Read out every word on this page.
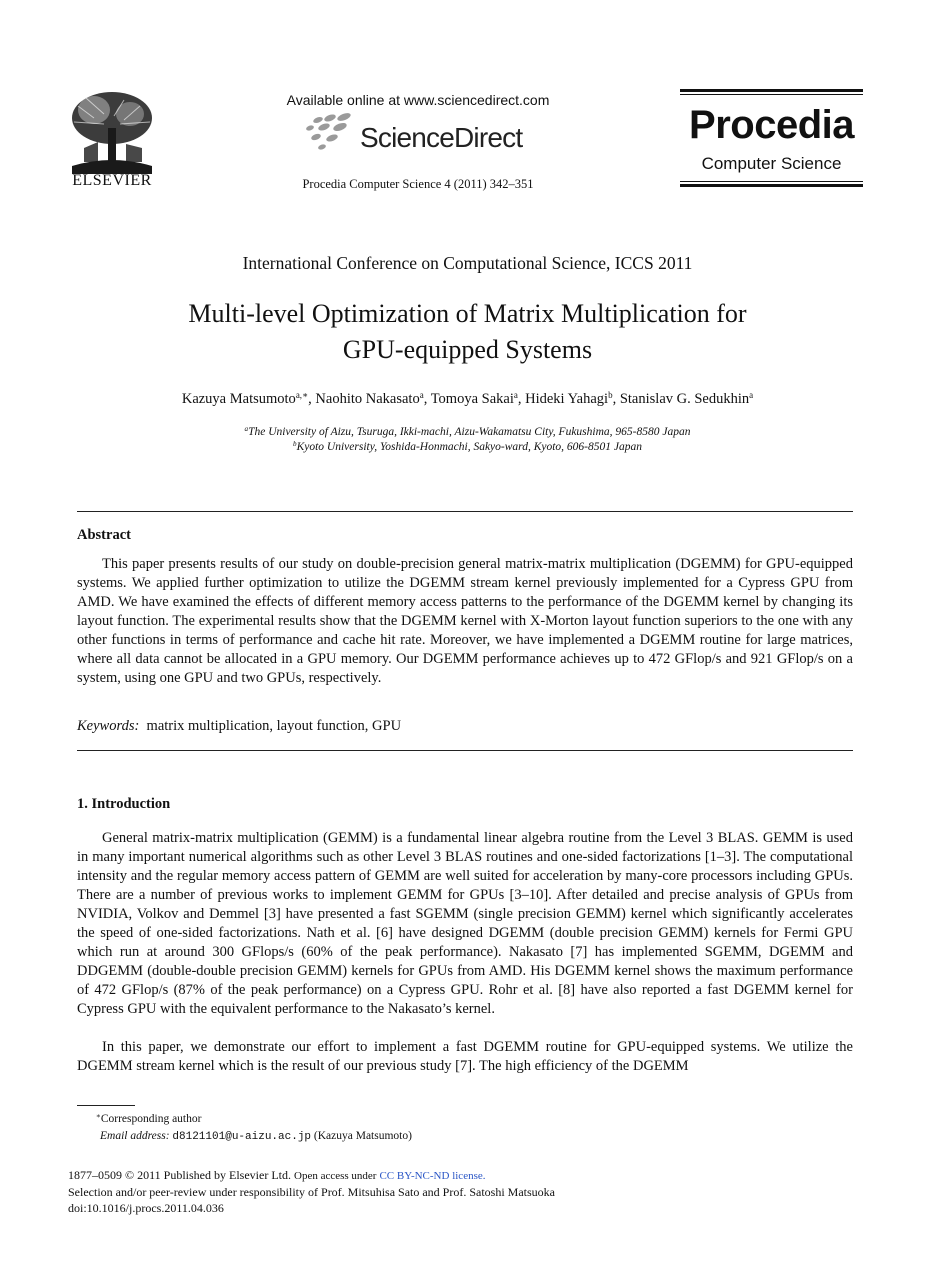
ELSEVIER
Available online at www.sciencedirect.com
ScienceDirect
Procedia Computer Science 4 (2011) 342–351
Procedia
Computer Science
International Conference on Computational Science, ICCS 2011
Multi-level Optimization of Matrix Multiplication for
GPU-equipped Systems
Kazuya Matsumoto$^{a,∗}$, Naohito Nakasato$^a$, Tomoya Sakai$^a$, Hideki Yahagi$^b$, Stanislav G. Sedukhin$^a$
$^a$The University of Aizu, Tsuruga, Ikki-machi, Aizu-Wakamatsu City, Fukushima, 965-8580 Japan
$^b$Kyoto University, Yoshida-Honmachi, Sakyo-ward, Kyoto, 606-8501 Japan
Abstract
This paper presents results of our study on double-precision general matrix-matrix multiplication (DGEMM) for GPU-equipped systems. We applied further optimization to utilize the DGEMM stream kernel previously implemented for a Cypress GPU from AMD. We have examined the effects of different memory access patterns to the performance of the DGEMM kernel by changing its layout function. The experimental results show that the DGEMM kernel with X-Morton layout function superiors to the one with any other functions in terms of performance and cache hit rate. Moreover, we have implemented a DGEMM routine for large matrices, where all data cannot be allocated in a GPU memory. Our DGEMM performance achieves up to 472 GFlop/s and 921 GFlop/s on a system, using one GPU and two GPUs, respectively.
Keywords: matrix multiplication, layout function, GPU
1. Introduction
General matrix-matrix multiplication (GEMM) is a fundamental linear algebra routine from the Level 3 BLAS. GEMM is used in many important numerical algorithms such as other Level 3 BLAS routines and one-sided factorizations [1–3]. The computational intensity and the regular memory access pattern of GEMM are well suited for acceleration by many-core processors including GPUs. There are a number of previous works to implement GEMM for GPUs [3–10]. After detailed and precise analysis of GPUs from NVIDIA, Volkov and Demmel [3] have presented a fast SGEMM (single precision GEMM) kernel which significantly accelerates the speed of one-sided factorizations. Nath et al. [6] have designed DGEMM (double precision GEMM) kernels for Fermi GPU which run at around 300 GFlops/s (60% of the peak performance). Nakasato [7] has implemented SGEMM, DGEMM and DDGEMM (double-double precision GEMM) kernels for GPUs from AMD. His DGEMM kernel shows the maximum performance of 472 GFlop/s (87% of the peak performance) on a Cypress GPU. Rohr et al. [8] have also reported a fast DGEMM kernel for Cypress GPU with the equivalent performance to the Nakasato’s kernel.
In this paper, we demonstrate our effort to implement a fast DGEMM routine for GPU-equipped systems. We utilize the DGEMM stream kernel which is the result of our previous study [7]. The high efficiency of the DGEMM
∗Corresponding author
Email address: d8121101@u-aizu.ac.jp (Kazuya Matsumoto)
1877–0509 © 2011 Published by Elsevier Ltd. Open access under CC BY-NC-ND license.
Selection and/or peer-review under responsibility of Prof. Mitsuhisa Sato and Prof. Satoshi Matsuoka
doi:10.1016/j.procs.2011.04.036
